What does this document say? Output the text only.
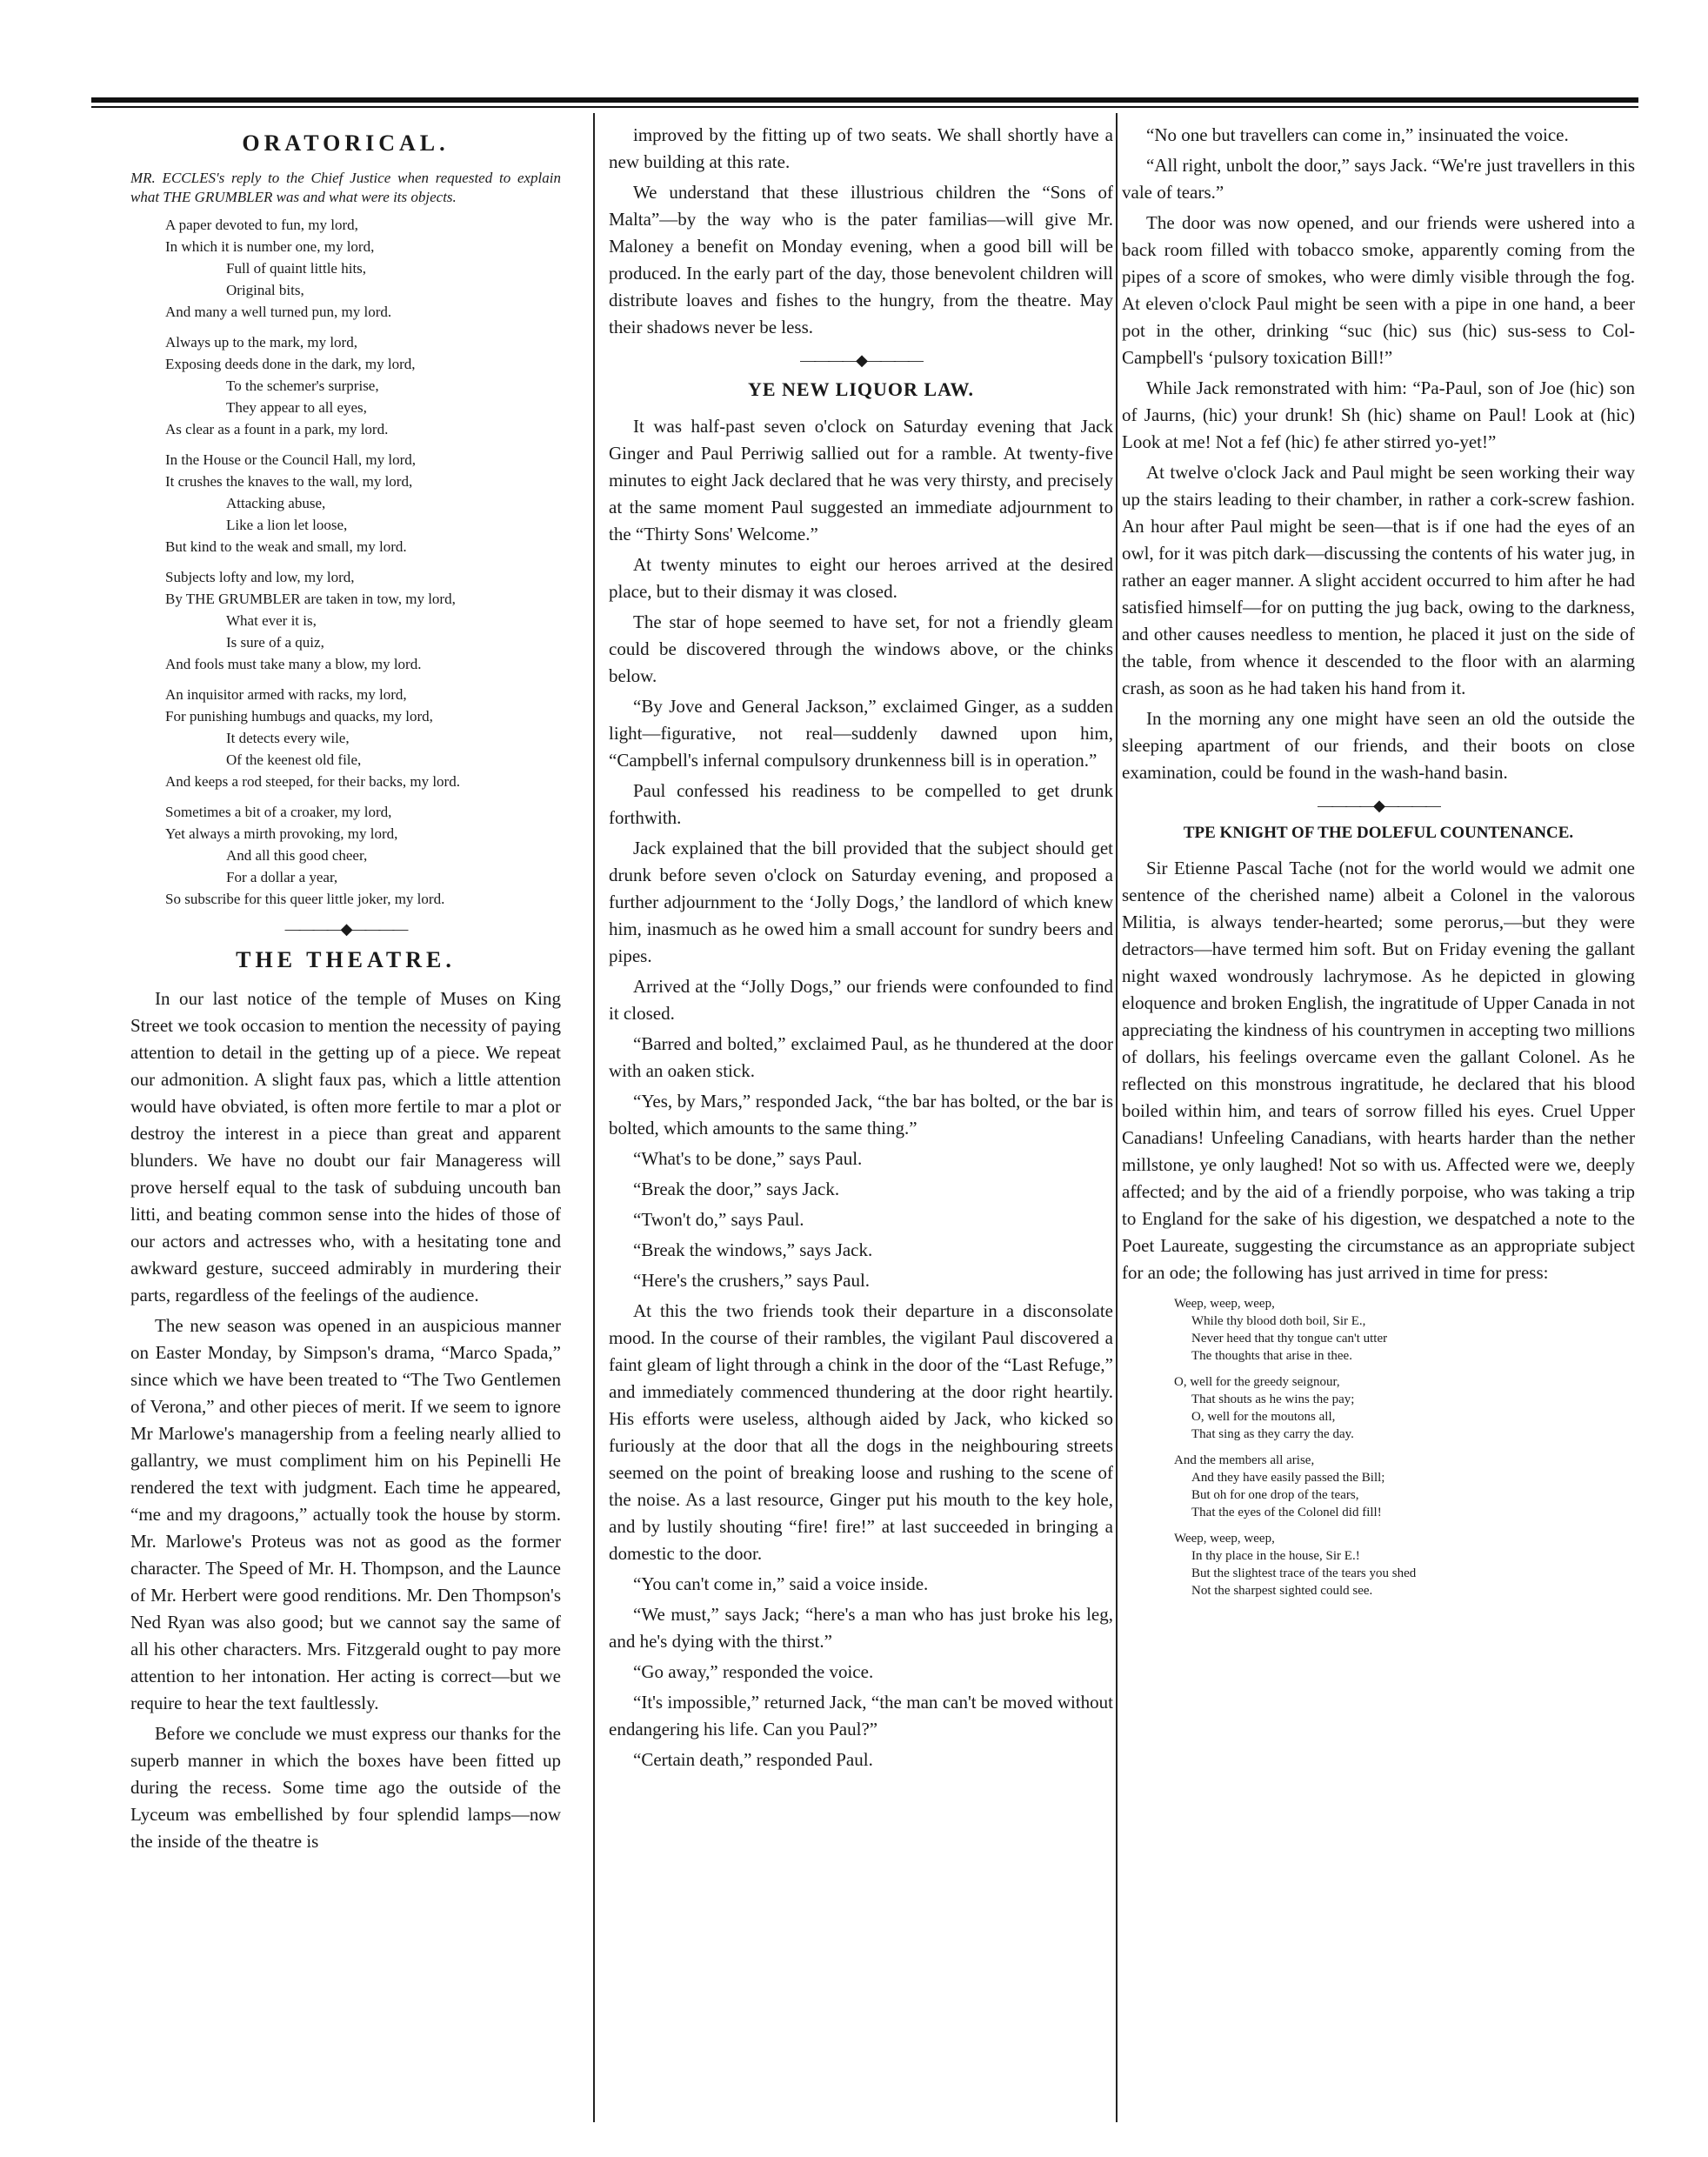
ORATORICAL.
MR. ECCLES's reply to the Chief Justice when requested to explain what THE GRUMBLER was and what were its objects.
A paper devoted to fun, my lord,
In which it is number one, my lord,
Full of quaint little hits,
Original bits,
And many a well turned pun, my lord.
Always up to the mark, my lord,
Exposing deeds done in the dark, my lord,
To the schemer's surprise,
They appear to all eyes,
As clear as a fount in a park, my lord.
In the House or the Council Hall, my lord,
It crushes the knaves to the wall, my lord,
Attacking abuse,
Like a lion let loose,
But kind to the weak and small, my lord.
Subjects lofty and low, my lord,
By THE GRUMBLER are taken in tow, my lord,
What ever it is,
Is sure of a quiz,
And fools must take many a blow, my lord.
An inquisitor armed with racks, my lord,
For punishing humbugs and quacks, my lord,
It detects every wile,
Of the keenest old file,
And keeps a rod steeped, for their backs, my lord.
Sometimes a bit of a croaker, my lord,
Yet always a mirth provoking, my lord,
And all this good cheer,
For a dollar a year,
So subscribe for this queer little joker, my lord.
————◆————
THE THEATRE.

In our last notice of the temple of Muses on King Street we took occasion to mention the necessity of paying attention to detail in the getting up of a piece. We repeat our admonition. A slight faux pas, which a little attention would have obviated, is often more fertile to mar a plot or destroy the interest in a piece than great and apparent blunders. We have no doubt our fair Manageress will prove herself equal to the task of subduing uncouth ban litti, and beating common sense into the hides of those of our actors and actresses who, with a hesitating tone and awkward gesture, succeed admirably in murdering their parts, regardless of the feelings of the audience.

The new season was opened in an auspicious manner on Easter Monday, by Simpson's drama, “Marco Spada,” since which we have been treated to “The Two Gentlemen of Verona,” and other pieces of merit. If we seem to ignore Mr Marlowe's managership from a feeling nearly allied to gallantry, we must compliment him on his Pepinelli He rendered the text with judgment. Each time he appeared, “me and my dragoons,” actually took the house by storm. Mr. Marlowe's Proteus was not as good as the former character. The Speed of Mr. H. Thompson, and the Launce of Mr. Herbert were good renditions. Mr. Den Thompson's Ned Ryan was also good; but we cannot say the same of all his other characters. Mrs. Fitzgerald ought to pay more attention to her intonation. Her acting is correct—but we require to hear the text faultlessly.

Before we conclude we must express our thanks for the superb manner in which the boxes have been fitted up during the recess. Some time ago the outside of the Lyceum was embellished by four splendid lamps—now the inside of the theatre is

improved by the fitting up of two seats. We shall shortly have a new building at this rate.

We understand that these illustrious children the “Sons of Malta”—by the way who is the pater familias—will give Mr. Maloney a benefit on Monday evening, when a good bill will be produced. In the early part of the day, those benevolent children will distribute loaves and fishes to the hungry, from the theatre. May their shadows never be less.

————◆————
YE NEW LIQUOR LAW.

It was half-past seven o'clock on Saturday evening that Jack Ginger and Paul Perriwig sallied out for a ramble. At twenty-five minutes to eight Jack declared that he was very thirsty, and precisely at the same moment Paul suggested an immediate adjournment to the “Thirty Sons' Welcome.”

At twenty minutes to eight our heroes arrived at the desired place, but to their dismay it was closed.

The star of hope seemed to have set, for not a friendly gleam could be discovered through the windows above, or the chinks below.

“By Jove and General Jackson,” exclaimed Ginger, as a sudden light—figurative, not real—suddenly dawned upon him, “Campbell's infernal compulsory drunkenness bill is in operation.”

Paul confessed his readiness to be compelled to get drunk forthwith.

Jack explained that the bill provided that the subject should get drunk before seven o'clock on Saturday evening, and proposed a further adjournment to the ‘Jolly Dogs,’ the landlord of which knew him, inasmuch as he owed him a small account for sundry beers and pipes.

Arrived at the “Jolly Dogs,” our friends were confounded to find it closed.

“Barred and bolted,” exclaimed Paul, as he thundered at the door with an oaken stick.

“Yes, by Mars,” responded Jack, “the bar has bolted, or the bar is bolted, which amounts to the same thing.”

“What's to be done,” says Paul.

“Break the door,” says Jack.

“Twon't do,” says Paul.

“Break the windows,” says Jack.

“Here's the crushers,” says Paul.

At this the two friends took their departure in a disconsolate mood. In the course of their rambles, the vigilant Paul discovered a faint gleam of light through a chink in the door of the “Last Refuge,” and immediately commenced thundering at the door right heartily. His efforts were useless, although aided by Jack, who kicked so furiously at the door that all the dogs in the neighbouring streets seemed on the point of breaking loose and rushing to the scene of the noise. As a last resource, Ginger put his mouth to the key hole, and by lustily shouting “fire! fire!” at last succeeded in bringing a domestic to the door.

“You can't come in,” said a voice inside.

“We must,” says Jack; “here's a man who has just broke his leg, and he's dying with the thirst.”

“Go away,” responded the voice.

“It's impossible,” returned Jack, “the man can't be moved without endangering his life. Can you Paul?”

“Certain death,” responded Paul.

“No one but travellers can come in,” insinuated the voice.

“All right, unbolt the door,” says Jack. “We're just travellers in this vale of tears.”

The door was now opened, and our friends were ushered into a back room filled with tobacco smoke, apparently coming from the pipes of a score of smokes, who were dimly visible through the fog. At eleven o'clock Paul might be seen with a pipe in one hand, a beer pot in the other, drinking “suc (hic) sus (hic) sus-sess to Col-Campbell's ‘pulsory toxication Bill!”

While Jack remonstrated with him: “Pa-Paul, son of Joe (hic) son of Jaurns, (hic) your drunk! Sh (hic) shame on Paul! Look at (hic) Look at me! Not a fef (hic) fe ather stirred yo-yet!”

At twelve o'clock Jack and Paul might be seen working their way up the stairs leading to their chamber, in rather a cork-screw fashion. An hour after Paul might be seen—that is if one had the eyes of an owl, for it was pitch dark—discussing the contents of his water jug, in rather an eager manner. A slight accident occurred to him after he had satisfied himself—for on putting the jug back, owing to the darkness, and other causes needless to mention, he placed it just on the side of the table, from whence it descended to the floor with an alarming crash, as soon as he had taken his hand from it.

In the morning any one might have seen an old the outside the sleeping apartment of our friends, and their boots on close examination, could be found in the wash-hand basin.

————◆————
TPE KNIGHT OF THE DOLEFUL COUNTENANCE.

Sir Etienne Pascal Tache (not for the world would we admit one sentence of the cherished name) albeit a Colonel in the valorous Militia, is always tender-hearted; some perorus,—but they were detractors—have termed him soft. But on Friday evening the gallant night waxed wondrously lachrymose. As he depicted in glowing eloquence and broken English, the ingratitude of Upper Canada in not appreciating the kindness of his countrymen in accepting two millions of dollars, his feelings overcame even the gallant Colonel. As he reflected on this monstrous ingratitude, he declared that his blood boiled within him, and tears of sorrow filled his eyes. Cruel Upper Canadians! Unfeeling Canadians, with hearts harder than the nether millstone, ye only laughed! Not so with us. Affected were we, deeply affected; and by the aid of a friendly porpoise, who was taking a trip to England for the sake of his digestion, we despatched a note to the Poet Laureate, suggesting the circumstance as an appropriate subject for an ode; the following has just arrived in time for press:

Weep, weep, weep,
While thy blood doth boil, Sir E.,
Never heed that thy tongue can't utter
The thoughts that arise in thee.
O, well for the greedy seignour,
That shouts as he wins the pay;
O, well for the moutons all,
That sing as they carry the day.
And the members all arise,
And they have easily passed the Bill;
But oh for one drop of the tears,
That the eyes of the Colonel did fill!
Weep, weep, weep,
In thy place in the house, Sir E.!
But the slightest trace of the tears you shed
Not the sharpest sighted could see.
